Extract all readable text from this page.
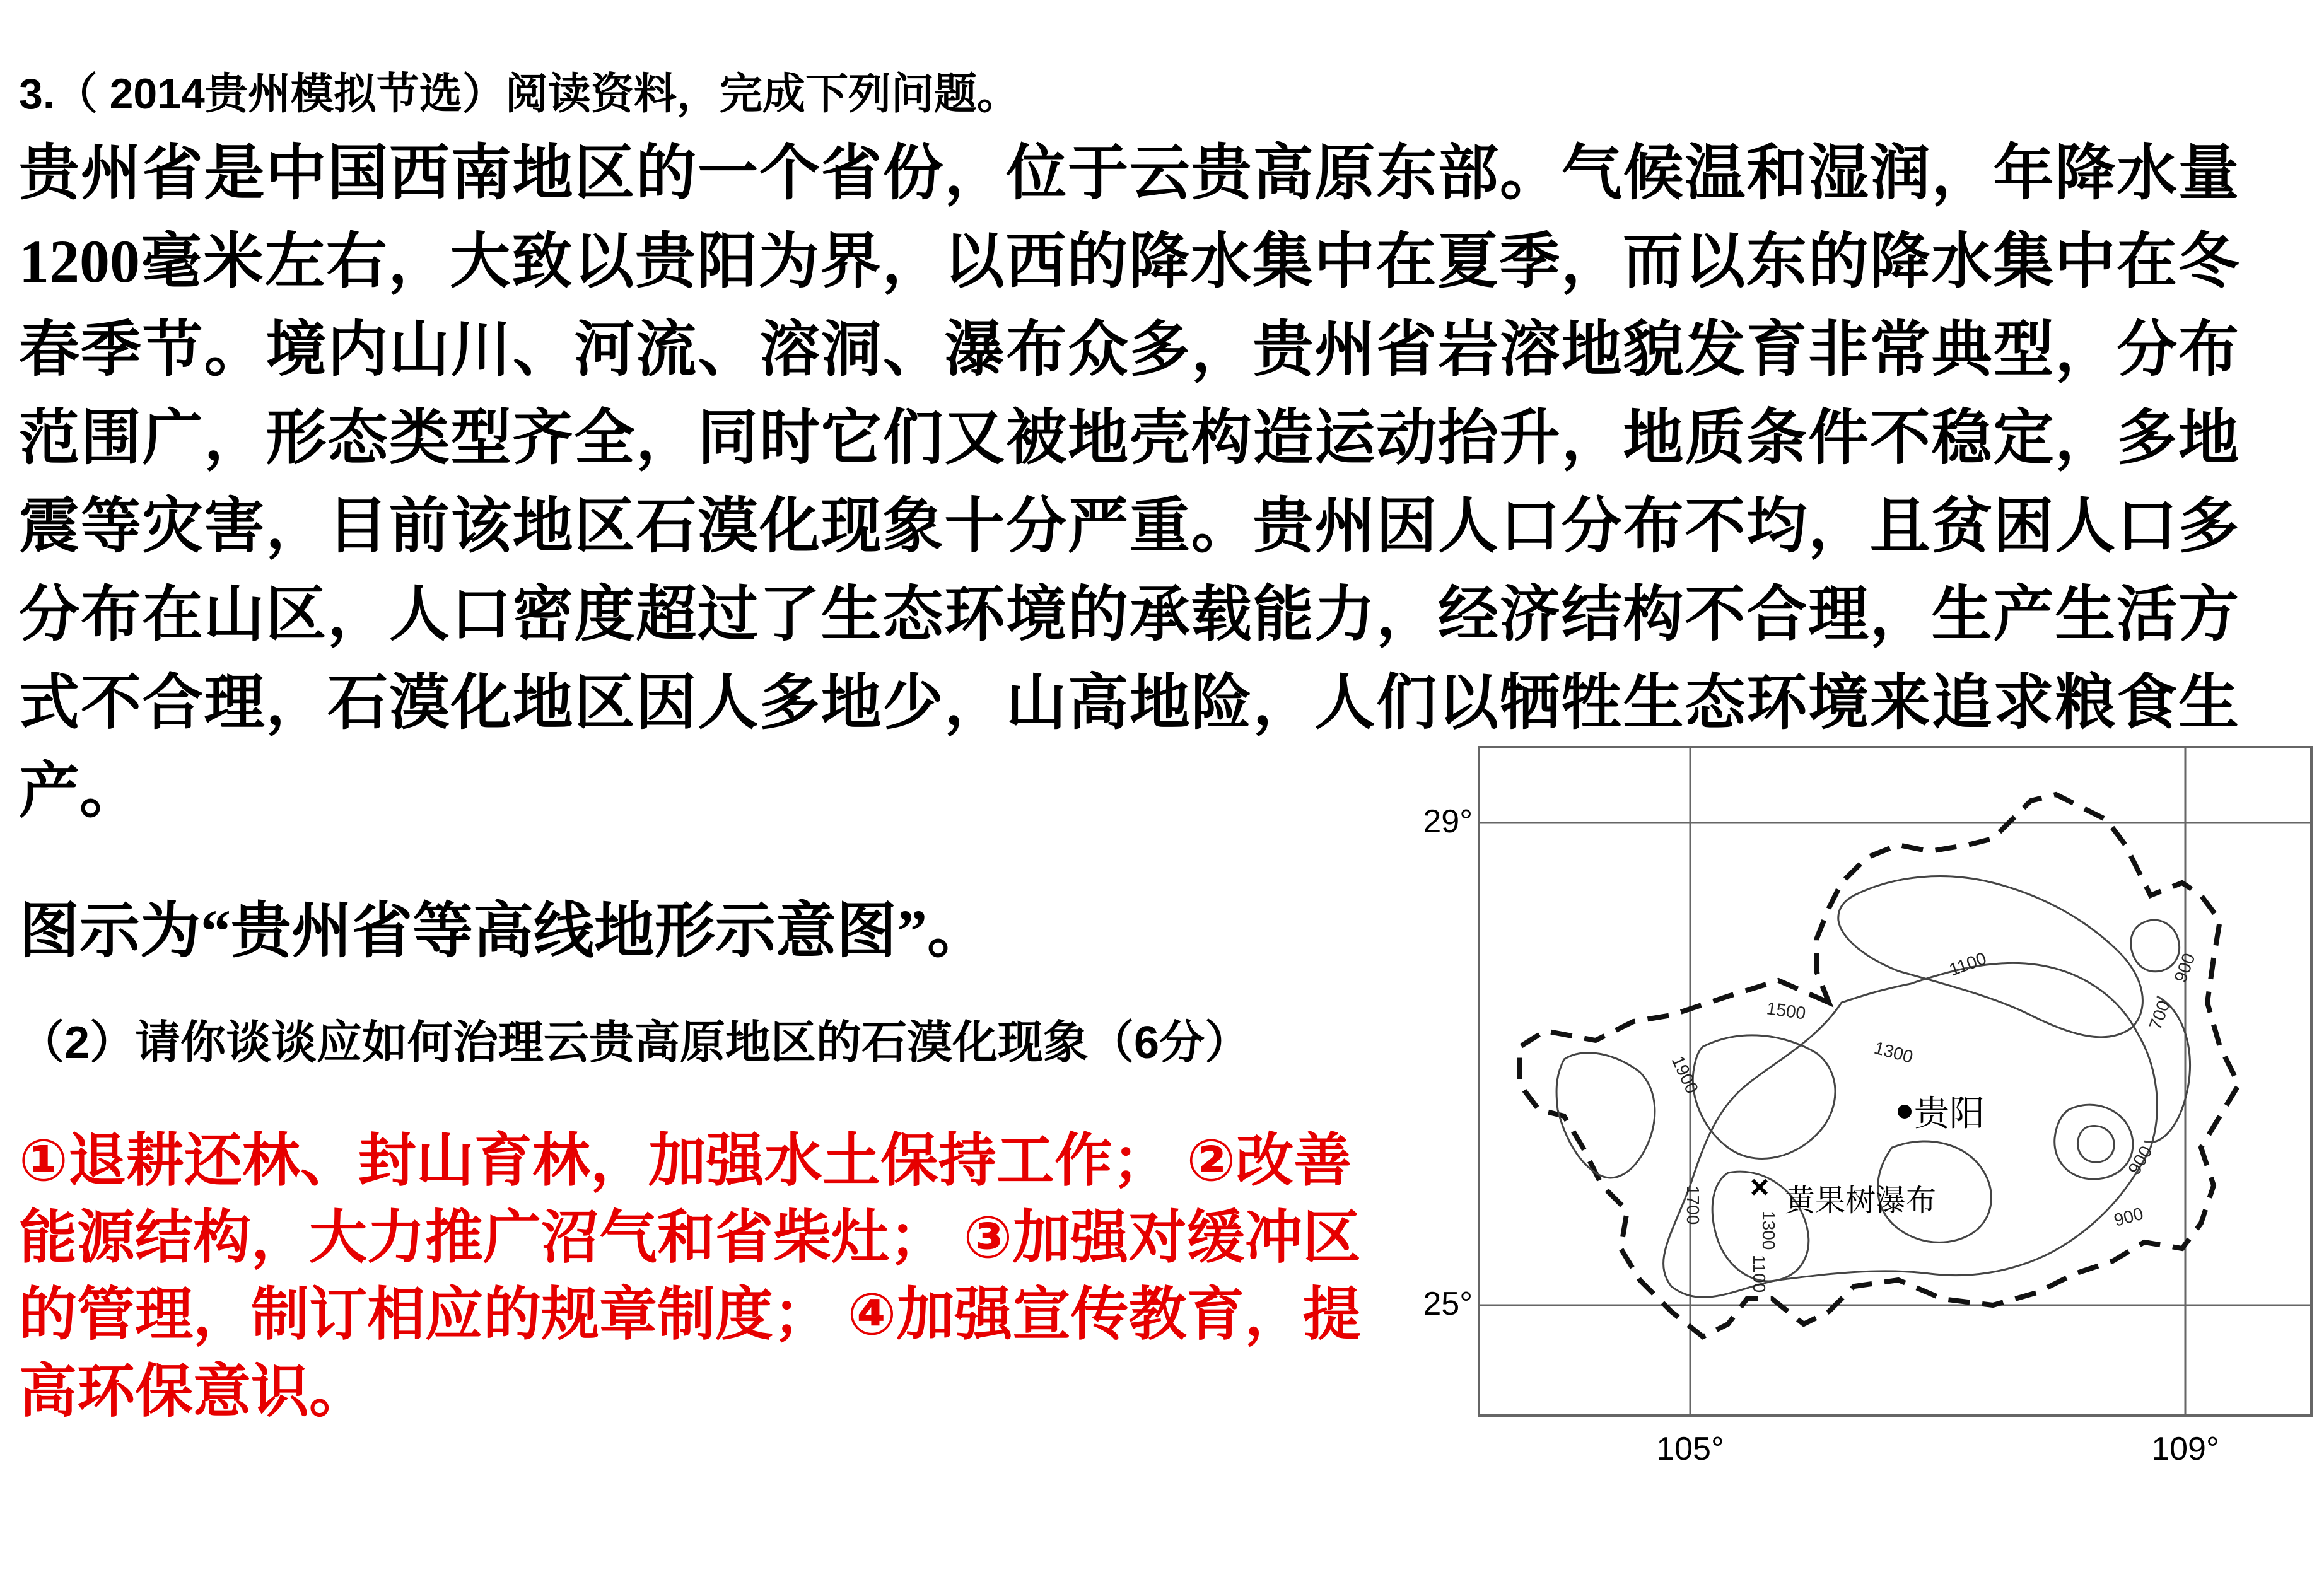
3.（ 2014贵州模拟节选）阅读资料，完成下列问题。

贵州省是中国西南地区的一个省份，位于云贵高原东部。气候温和湿润，年降水量1200毫米左右，大致以贵阳为界，以西的降水集中在夏季，而以东的降水集中在冬春季节。境内山川、河流、溶洞、瀑布众多，贵州省岩溶地貌发育非常典型，分布范围广，形态类型齐全，同时它们又被地壳构造运动抬升，地质条件不稳定，多地震等灾害，目前该地区石漠化现象十分严重。贵州因人口分布不均，且贫困人口多分布在山区，人口密度超过了生态环境的承载能力，经济结构不合理，生产生活方式不合理，石漠化地区因人多地少，山高地险，人们以牺牲生态环境来追求粮食生产。

图示为“贵州省等高线地形示意图”。

（2）请你谈谈应如何治理云贵高原地区的石漠化现象（6分）

①退耕还林、封山育林，加强水土保持工作； ②改善能源结构，大力推广沼气和省柴灶； ③加强对缓冲区的管理，制订相应的规章制度； ④加强宣传教育，提高环保意识。

29°
25°
105°	109°
1500
1900
1300
1100
700
900
900
900
1700
1300
1100
贵阳
× 黄果树瀑布
